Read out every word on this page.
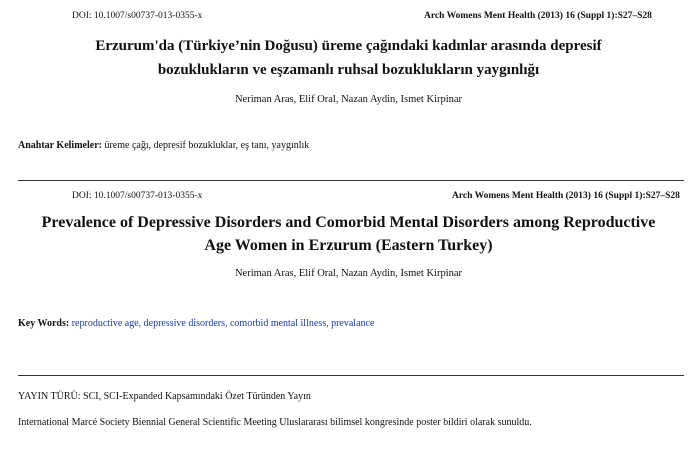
DOI: 10.1007/s00737-013-0355-x	Arch Womens Ment Health (2013) 16 (Suppl 1):S27–S28
Erzurum'da (Türkiye’nin Doğusu) üreme çağındaki kadınlar arasında depresif
bozuklukların ve eşzamanlı ruhsal bozuklukların yaygınlığı
Neriman Aras, Elif Oral, Nazan Aydin, Ismet Kirpinar
Anahtar Kelimeler: üreme çağı, depresif bozukluklar, eş tanı, yaygınlık
DOI: 10.1007/s00737-013-0355-x	Arch Womens Ment Health (2013) 16 (Suppl 1):S27–S28
Prevalence of Depressive Disorders and Comorbid Mental Disorders among Reproductive
Age Women in Erzurum (Eastern Turkey)
Neriman Aras, Elif Oral, Nazan Aydin, Ismet Kirpinar
Key Words: reproductive age, depressive disorders, comorbid mental illness, prevalance
YAYIN TÜRÜ: SCI, SCI-Expanded Kapsamındaki Özet Türünden Yayın
International Marcé Society Biennial General Scientific Meeting Uluslararası bilimsel kongresinde poster bildiri olarak sunuldu.
